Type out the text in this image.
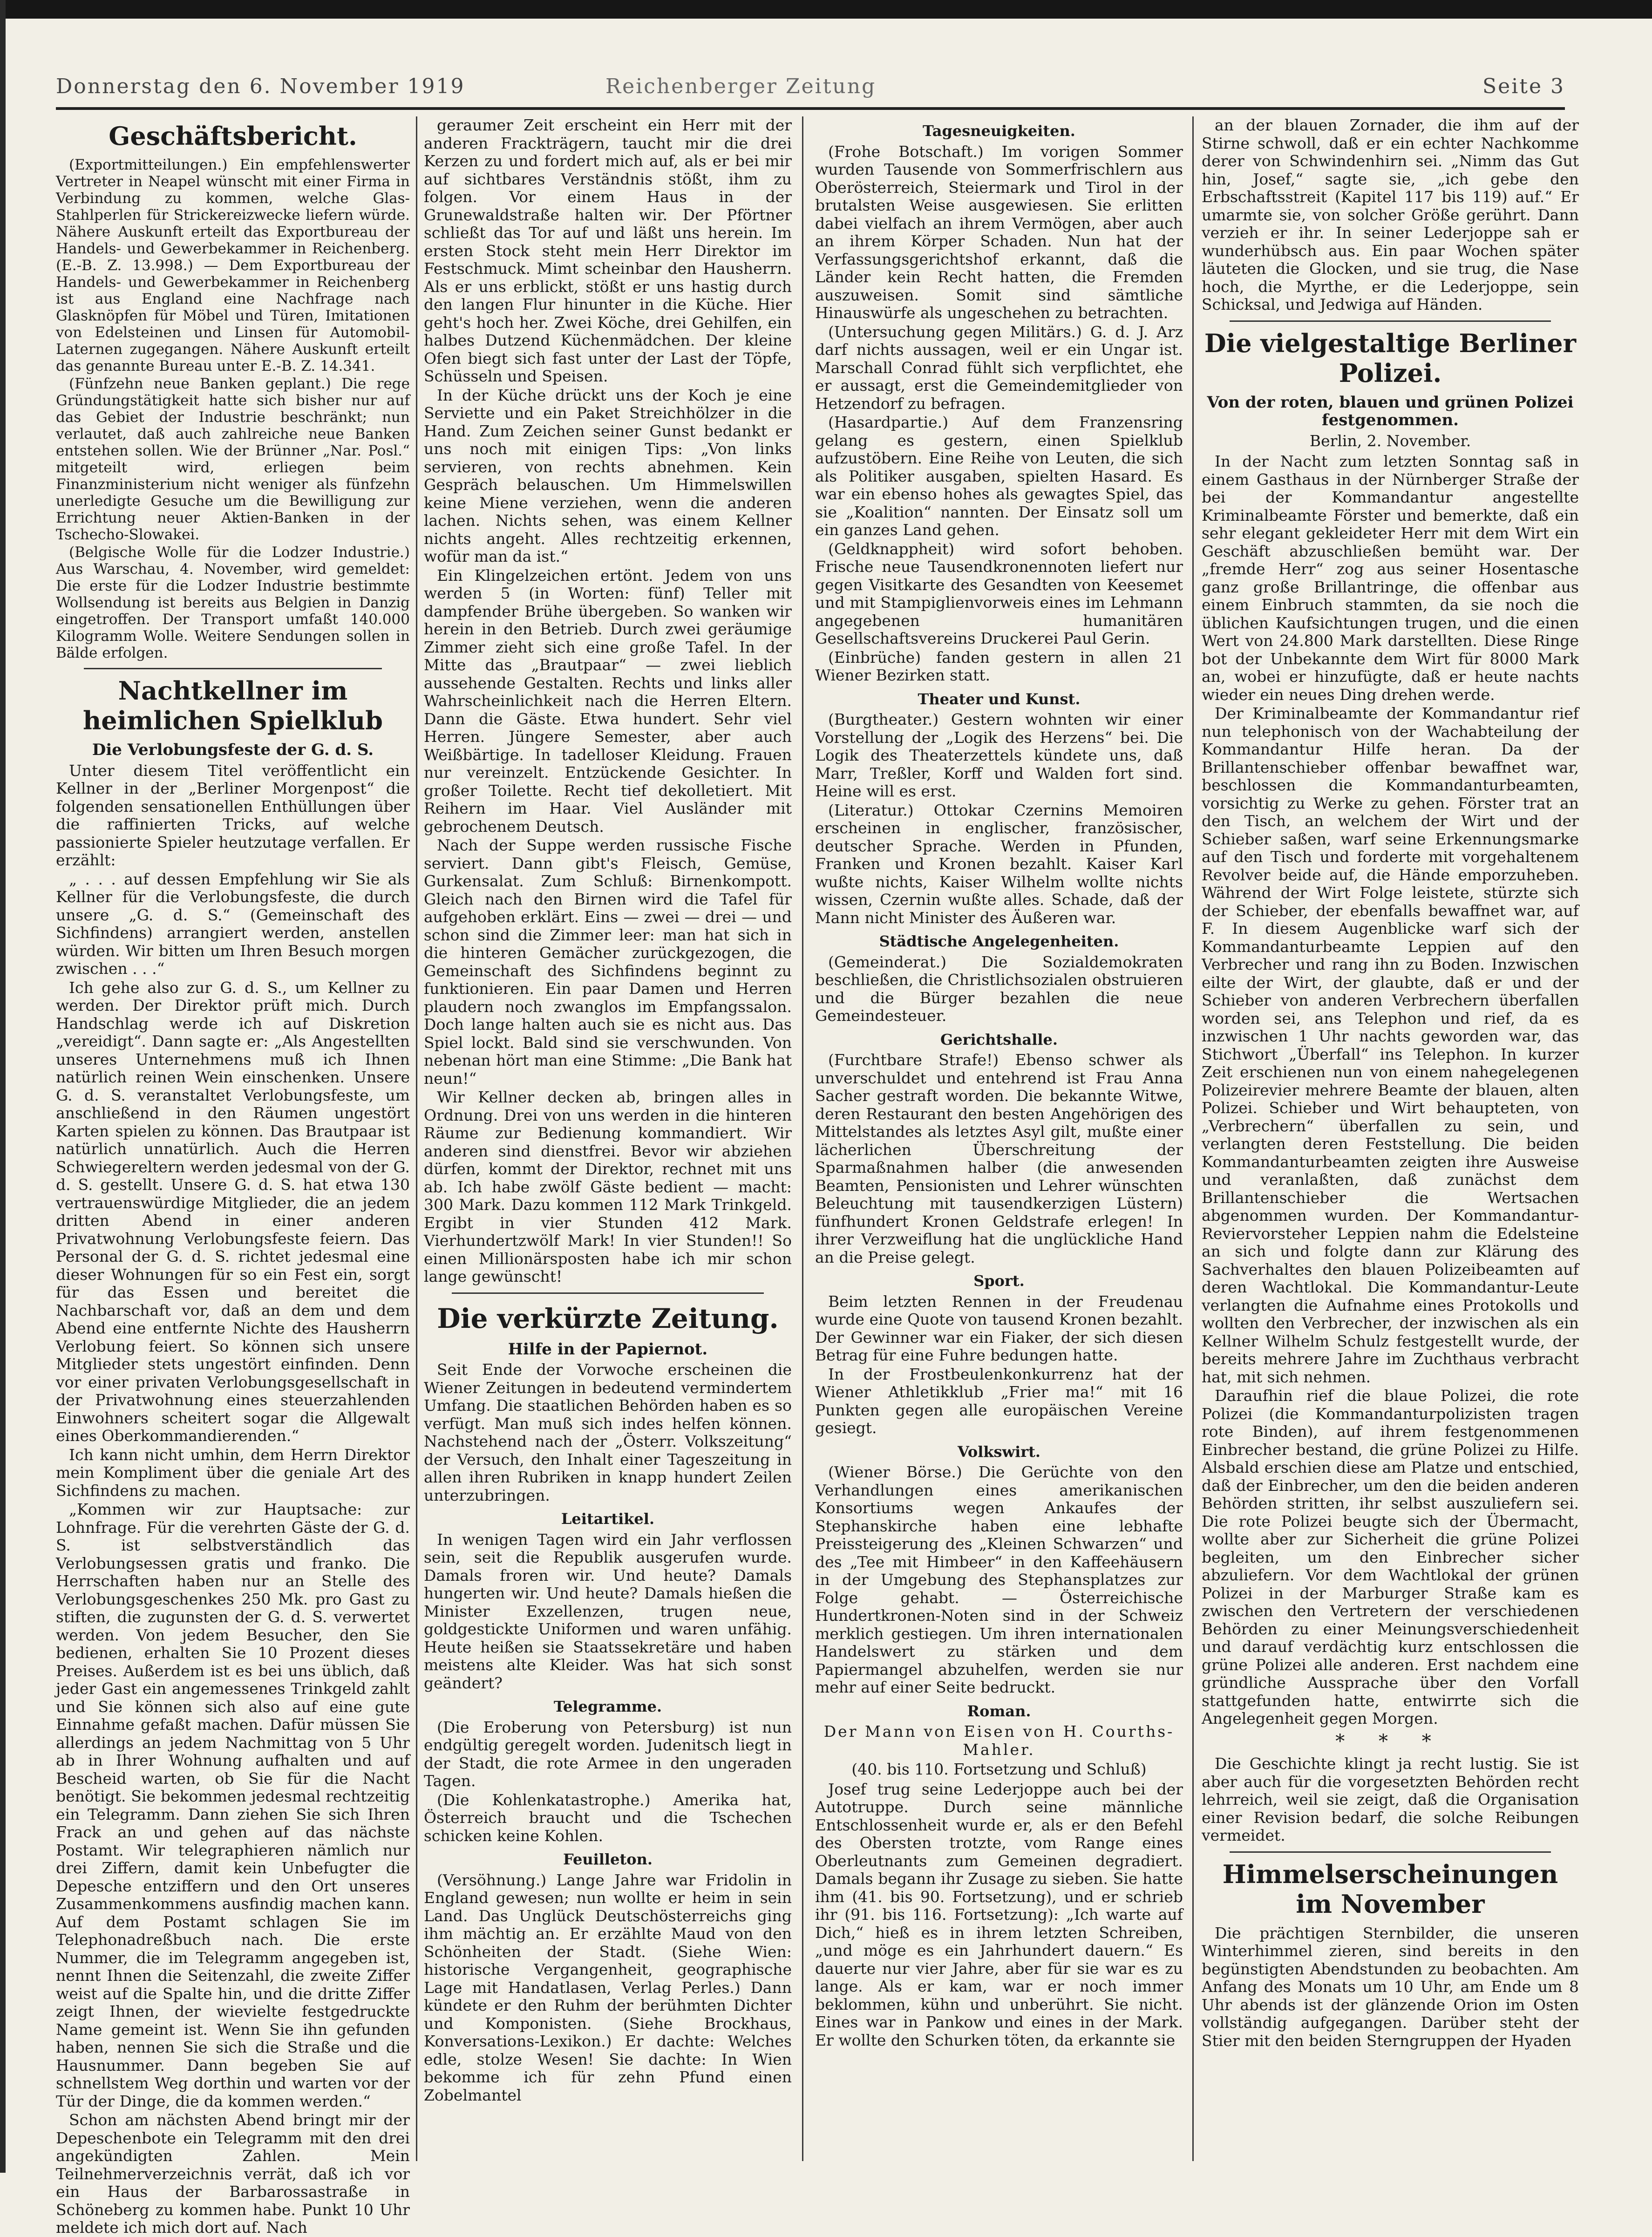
Donnerstag den 6. November 1919	Reichenberger Zeitung	Seite 3
Geschäftsbericht.

(Exportmitteilungen.) Ein empfehlenswerter Vertreter in Neapel wünscht mit einer Firma in Verbindung zu kommen, welche Glas-Stahlperlen für Strickereizwecke liefern würde. Nähere Auskunft erteilt das Exportbureau der Handels- und Gewerbekammer in Reichenberg. (E.-B. Z. 13.998.) — Dem Exportbureau der Handels- und Gewerbekammer in Reichenberg ist aus England eine Nachfrage nach Glasknöpfen für Möbel und Türen, Imitationen von Edelsteinen und Linsen für Automobil-Laternen zugegangen. Nähere Auskunft erteilt das genannte Bureau unter E.-B. Z. 14.341.

(Fünfzehn neue Banken geplant.) Die rege Gründungstätigkeit hatte sich bisher nur auf das Gebiet der Industrie beschränkt; nun verlautet, daß auch zahlreiche neue Banken entstehen sollen. Wie der Brünner „Nar. Posl.“ mitgeteilt wird, erliegen beim Finanzministerium nicht weniger als fünfzehn unerledigte Gesuche um die Bewilligung zur Errichtung neuer Aktien-Banken in der Tschecho-Slowakei.

(Belgische Wolle für die Lodzer Industrie.) Aus Warschau, 4. November, wird gemeldet: Die erste für die Lodzer Industrie bestimmte Wollsendung ist bereits aus Belgien in Danzig eingetroffen. Der Transport umfaßt 140.000 Kilogramm Wolle. Weitere Sendungen sollen in Bälde erfolgen.

Nachtkellner im heimlichen Spielklub
Die Verlobungsfeste der G. d. S.

Unter diesem Titel veröffentlicht ein Kellner in der „Berliner Morgenpost“ die folgenden sensationellen Enthüllungen über die raffinierten Tricks, auf welche passionierte Spieler heutzutage verfallen. Er erzählt:

„ . . . auf dessen Empfehlung wir Sie als Kellner für die Verlobungsfeste, die durch unsere „G. d. S.“ (Gemeinschaft des Sichfindens) arrangiert werden, anstellen würden. Wir bitten um Ihren Besuch morgen zwischen . . .“

Ich gehe also zur G. d. S., um Kellner zu werden. Der Direktor prüft mich. Durch Handschlag werde ich auf Diskretion „vereidigt“. Dann sagte er: „Als Angestellten unseres Unternehmens muß ich Ihnen natürlich reinen Wein einschenken. Unsere G. d. S. veranstaltet Verlobungsfeste, um anschließend in den Räumen ungestört Karten spielen zu können. Das Brautpaar ist natürlich unnatürlich. Auch die Herren Schwiegereltern werden jedesmal von der G. d. S. gestellt. Unsere G. d. S. hat etwa 130 vertrauenswürdige Mitglieder, die an jedem dritten Abend in einer anderen Privatwohnung Verlobungsfeste feiern. Das Personal der G. d. S. richtet jedesmal eine dieser Wohnungen für so ein Fest ein, sorgt für das Essen und bereitet die Nachbarschaft vor, daß an dem und dem Abend eine entfernte Nichte des Hausherrn Verlobung feiert. So können sich unsere Mitglieder stets ungestört einfinden. Denn vor einer privaten Verlobungsgesellschaft in der Privatwohnung eines steuerzahlenden Einwohners scheitert sogar die Allgewalt eines Oberkommandierenden.“

Ich kann nicht umhin, dem Herrn Direktor mein Kompliment über die geniale Art des Sichfindens zu machen.

„Kommen wir zur Hauptsache: zur Lohnfrage. Für die verehrten Gäste der G. d. S. ist selbstverständlich das Verlobungsessen gratis und franko. Die Herrschaften haben nur an Stelle des Verlobungsgeschenkes 250 Mk. pro Gast zu stiften, die zugunsten der G. d. S. verwertet werden. Von jedem Besucher, den Sie bedienen, erhalten Sie 10 Prozent dieses Preises. Außerdem ist es bei uns üblich, daß jeder Gast ein angemessenes Trinkgeld zahlt und Sie können sich also auf eine gute Einnahme gefaßt machen. Dafür müssen Sie allerdings an jedem Nachmittag von 5 Uhr ab in Ihrer Wohnung aufhalten und auf Bescheid warten, ob Sie für die Nacht benötigt. Sie bekommen jedesmal rechtzeitig ein Telegramm. Dann ziehen Sie sich Ihren Frack an und gehen auf das nächste Postamt. Wir telegraphieren nämlich nur drei Ziffern, damit kein Unbefugter die Depesche entziffern und den Ort unseres Zusammenkommens ausfindig machen kann. Auf dem Postamt schlagen Sie im Telephonadreßbuch nach. Die erste Nummer, die im Telegramm angegeben ist, nennt Ihnen die Seitenzahl, die zweite Ziffer weist auf die Spalte hin, und die dritte Ziffer zeigt Ihnen, der wievielte festgedruckte Name gemeint ist. Wenn Sie ihn gefunden haben, nennen Sie sich die Straße und die Hausnummer. Dann begeben Sie auf schnellstem Weg dorthin und warten vor der Tür der Dinge, die da kommen werden.“

Schon am nächsten Abend bringt mir der Depeschenbote ein Telegramm mit den drei angekündigten Zahlen. Mein Teilnehmerverzeichnis verrät, daß ich vor ein Haus der Barbarossastraße in Schöneberg zu kommen habe. Punkt 10 Uhr meldete ich mich dort auf. Nach

geraumer Zeit erscheint ein Herr mit der anderen Frackträgern, taucht mir die drei Kerzen zu und fordert mich auf, als er bei mir auf sichtbares Verständnis stößt, ihm zu folgen. Vor einem Haus in der Grunewaldstraße halten wir. Der Pförtner schließt das Tor auf und läßt uns herein. Im ersten Stock steht mein Herr Direktor im Festschmuck. Mimt scheinbar den Hausherrn. Als er uns erblickt, stößt er uns hastig durch den langen Flur hinunter in die Küche. Hier geht's hoch her. Zwei Köche, drei Gehilfen, ein halbes Dutzend Küchenmädchen. Der kleine Ofen biegt sich fast unter der Last der Töpfe, Schüsseln und Speisen.

In der Küche drückt uns der Koch je eine Serviette und ein Paket Streichhölzer in die Hand. Zum Zeichen seiner Gunst bedankt er uns noch mit einigen Tips: „Von links servieren, von rechts abnehmen. Kein Gespräch belauschen. Um Himmelswillen keine Miene verziehen, wenn die anderen lachen. Nichts sehen, was einem Kellner nichts angeht. Alles rechtzeitig erkennen, wofür man da ist.“

Ein Klingelzeichen ertönt. Jedem von uns werden 5 (in Worten: fünf) Teller mit dampfender Brühe übergeben. So wanken wir herein in den Betrieb. Durch zwei geräumige Zimmer zieht sich eine große Tafel. In der Mitte das „Brautpaar“ — zwei lieblich aussehende Gestalten. Rechts und links aller Wahrscheinlichkeit nach die Herren Eltern. Dann die Gäste. Etwa hundert. Sehr viel Herren. Jüngere Semester, aber auch Weißbärtige. In tadelloser Kleidung. Frauen nur vereinzelt. Entzückende Gesichter. In großer Toilette. Recht tief dekolletiert. Mit Reihern im Haar. Viel Ausländer mit gebrochenem Deutsch.

Nach der Suppe werden russische Fische serviert. Dann gibt's Fleisch, Gemüse, Gurkensalat. Zum Schluß: Birnenkompott. Gleich nach den Birnen wird die Tafel für aufgehoben erklärt. Eins — zwei — drei — und schon sind die Zimmer leer: man hat sich in die hinteren Gemächer zurückgezogen, die Gemeinschaft des Sichfindens beginnt zu funktionieren. Ein paar Damen und Herren plaudern noch zwanglos im Empfangssalon. Doch lange halten auch sie es nicht aus. Das Spiel lockt. Bald sind sie verschwunden. Von nebenan hört man eine Stimme: „Die Bank hat neun!“

Wir Kellner decken ab, bringen alles in Ordnung. Drei von uns werden in die hinteren Räume zur Bedienung kommandiert. Wir anderen sind dienstfrei. Bevor wir abziehen dürfen, kommt der Direktor, rechnet mit uns ab. Ich habe zwölf Gäste bedient — macht: 300 Mark. Dazu kommen 112 Mark Trinkgeld. Ergibt in vier Stunden 412 Mark. Vierhundertzwölf Mark! In vier Stunden!! So einen Millionärsposten habe ich mir schon lange gewünscht!

Die verkürzte Zeitung.
Hilfe in der Papiernot.

Seit Ende der Vorwoche erscheinen die Wiener Zeitungen in bedeutend vermindertem Umfang. Die staatlichen Behörden haben es so verfügt. Man muß sich indes helfen können. Nachstehend nach der „Österr. Volkszeitung“ der Versuch, den Inhalt einer Tageszeitung in allen ihren Rubriken in knapp hundert Zeilen unterzubringen.

Leitartikel.

In wenigen Tagen wird ein Jahr verflossen sein, seit die Republik ausgerufen wurde. Damals froren wir. Und heute? Damals hungerten wir. Und heute? Damals hießen die Minister Exzellenzen, trugen neue, goldgestickte Uniformen und waren unfähig. Heute heißen sie Staatssekretäre und haben meistens alte Kleider. Was hat sich sonst geändert?

Telegramme.

(Die Eroberung von Petersburg) ist nun endgültig geregelt worden. Judenitsch liegt in der Stadt, die rote Armee in den ungeraden Tagen.

(Die Kohlenkatastrophe.) Amerika hat, Österreich braucht und die Tschechen schicken keine Kohlen.

Feuilleton.

(Versöhnung.) Lange Jahre war Fridolin in England gewesen; nun wollte er heim in sein Land. Das Unglück Deutschösterreichs ging ihm mächtig an. Er erzählte Maud von den Schönheiten der Stadt. (Siehe Wien: historische Vergangenheit, geographische Lage mit Handatlasen, Verlag Perles.) Dann kündete er den Ruhm der berühmten Dichter und Komponisten. (Siehe Brockhaus, Konversations-Lexikon.) Er dachte: Welches edle, stolze Wesen! Sie dachte: In Wien bekomme ich für zehn Pfund einen Zobelmantel

Tagesneuigkeiten.

(Frohe Botschaft.) Im vorigen Sommer wurden Tausende von Sommerfrischlern aus Oberösterreich, Steiermark und Tirol in der brutalsten Weise ausgewiesen. Sie erlitten dabei vielfach an ihrem Vermögen, aber auch an ihrem Körper Schaden. Nun hat der Verfassungsgerichtshof erkannt, daß die Länder kein Recht hatten, die Fremden auszuweisen. Somit sind sämtliche Hinauswürfe als ungeschehen zu betrachten.

(Untersuchung gegen Militärs.) G. d. J. Arz darf nichts aussagen, weil er ein Ungar ist. Marschall Conrad fühlt sich verpflichtet, ehe er aussagt, erst die Gemeindemitglieder von Hetzendorf zu befragen.

(Hasardpartie.) Auf dem Franzensring gelang es gestern, einen Spielklub aufzustöbern. Eine Reihe von Leuten, die sich als Politiker ausgaben, spielten Hasard. Es war ein ebenso hohes als gewagtes Spiel, das sie „Koalition“ nannten. Der Einsatz soll um ein ganzes Land gehen.

(Geldknappheit) wird sofort behoben. Frische neue Tausendkronennoten liefert nur gegen Visitkarte des Gesandten von Keesemet und mit Stampiglienvorweis eines im Lehmann angegebenen humanitären Gesellschaftsvereins Druckerei Paul Gerin.

(Einbrüche) fanden gestern in allen 21 Wiener Bezirken statt.

Theater und Kunst.

(Burgtheater.) Gestern wohnten wir einer Vorstellung der „Logik des Herzens“ bei. Die Logik des Theaterzettels kündete uns, daß Marr, Treßler, Korff und Walden fort sind. Heine will es erst.

(Literatur.) Ottokar Czernins Memoiren erscheinen in englischer, französischer, deutscher Sprache. Werden in Pfunden, Franken und Kronen bezahlt. Kaiser Karl wußte nichts, Kaiser Wilhelm wollte nichts wissen, Czernin wußte alles. Schade, daß der Mann nicht Minister des Äußeren war.

Städtische Angelegenheiten.

(Gemeinderat.) Die Sozialdemokraten beschließen, die Christlichsozialen obstruieren und die Bürger bezahlen die neue Gemeindesteuer.

Gerichtshalle.

(Furchtbare Strafe!) Ebenso schwer als unverschuldet und entehrend ist Frau Anna Sacher gestraft worden. Die bekannte Witwe, deren Restaurant den besten Angehörigen des Mittelstandes als letztes Asyl gilt, mußte einer lächerlichen Überschreitung der Sparmaßnahmen halber (die anwesenden Beamten, Pensionisten und Lehrer wünschten Beleuchtung mit tausendkerzigen Lüstern) fünfhundert Kronen Geldstrafe erlegen! In ihrer Verzweiflung hat die unglückliche Hand an die Preise gelegt.

Sport.

Beim letzten Rennen in der Freudenau wurde eine Quote von tausend Kronen bezahlt. Der Gewinner war ein Fiaker, der sich diesen Betrag für eine Fuhre bedungen hatte.

In der Frostbeulenkonkurrenz hat der Wiener Athletikklub „Frier ma!“ mit 16 Punkten gegen alle europäischen Vereine gesiegt.

Volkswirt.

(Wiener Börse.) Die Gerüchte von den Verhandlungen eines amerikanischen Konsortiums wegen Ankaufes der Stephanskirche haben eine lebhafte Preissteigerung des „Kleinen Schwarzen“ und des „Tee mit Himbeer“ in den Kaffeehäusern in der Umgebung des Stephansplatzes zur Folge gehabt. — Österreichische Hundertkronen-Noten sind in der Schweiz merklich gestiegen. Um ihren internationalen Handelswert zu stärken und dem Papiermangel abzuhelfen, werden sie nur mehr auf einer Seite bedruckt.

Roman.
Der Mann von Eisen von H. Courths-Mahler.
(40. bis 110. Fortsetzung und Schluß)

Josef trug seine Lederjoppe auch bei der Autotruppe. Durch seine männliche Entschlossenheit wurde er, als er den Befehl des Obersten trotzte, vom Range eines Oberleutnants zum Gemeinen degradiert. Damals begann ihr Zusage zu sieben. Sie hatte ihm (41. bis 90. Fortsetzung), und er schrieb ihr (91. bis 116. Fortsetzung): „Ich warte auf Dich,“ hieß es in ihrem letzten Schreiben, „und möge es ein Jahrhundert dauern.“ Es dauerte nur vier Jahre, aber für sie war es zu lange. Als er kam, war er noch immer beklommen, kühn und unberührt. Sie nicht. Eines war in Pankow und eines in der Mark. Er wollte den Schurken töten, da erkannte sie

an der blauen Zornader, die ihm auf der Stirne schwoll, daß er ein echter Nachkomme derer von Schwindenhirn sei. „Nimm das Gut hin, Josef,“ sagte sie, „ich gebe den Erbschaftsstreit (Kapitel 117 bis 119) auf.“ Er umarmte sie, von solcher Größe gerührt. Dann verzieh er ihr. In seiner Lederjoppe sah er wunderhübsch aus. Ein paar Wochen später läuteten die Glocken, und sie trug, die Nase hoch, die Myrthe, er die Lederjoppe, sein Schicksal, und Jedwiga auf Händen.

Die vielgestaltige Berliner Polizei.
Von der roten, blauen und grünen Polizei festgenommen.
Berlin, 2. November.

In der Nacht zum letzten Sonntag saß in einem Gasthaus in der Nürnberger Straße der bei der Kommandantur angestellte Kriminalbeamte Förster und bemerkte, daß ein sehr elegant gekleideter Herr mit dem Wirt ein Geschäft abzuschließen bemüht war. Der „fremde Herr“ zog aus seiner Hosentasche ganz große Brillantringe, die offenbar aus einem Einbruch stammten, da sie noch die üblichen Kaufsichtungen trugen, und die einen Wert von 24.800 Mark darstellten. Diese Ringe bot der Unbekannte dem Wirt für 8000 Mark an, wobei er hinzufügte, daß er heute nachts wieder ein neues Ding drehen werde.

Der Kriminalbeamte der Kommandantur rief nun telephonisch von der Wachabteilung der Kommandantur Hilfe heran. Da der Brillantenschieber offenbar bewaffnet war, beschlossen die Kommandanturbeamten, vorsichtig zu Werke zu gehen. Förster trat an den Tisch, an welchem der Wirt und der Schieber saßen, warf seine Erkennungsmarke auf den Tisch und forderte mit vorgehaltenem Revolver beide auf, die Hände emporzuheben. Während der Wirt Folge leistete, stürzte sich der Schieber, der ebenfalls bewaffnet war, auf F. In diesem Augenblicke warf sich der Kommandanturbeamte Leppien auf den Verbrecher und rang ihn zu Boden. Inzwischen eilte der Wirt, der glaubte, daß er und der Schieber von anderen Verbrechern überfallen worden sei, ans Telephon und rief, da es inzwischen 1 Uhr nachts geworden war, das Stichwort „Überfall“ ins Telephon. In kurzer Zeit erschienen nun von einem nahegelegenen Polizeirevier mehrere Beamte der blauen, alten Polizei. Schieber und Wirt behaupteten, von „Verbrechern“ überfallen zu sein, und verlangten deren Feststellung. Die beiden Kommandanturbeamten zeigten ihre Ausweise und veranlaßten, daß zunächst dem Brillantenschieber die Wertsachen abgenommen wurden. Der Kommandantur-Reviervorsteher Leppien nahm die Edelsteine an sich und folgte dann zur Klärung des Sachverhaltes den blauen Polizeibeamten auf deren Wachtlokal. Die Kommandantur-Leute verlangten die Aufnahme eines Protokolls und wollten den Verbrecher, der inzwischen als ein Kellner Wilhelm Schulz festgestellt wurde, der bereits mehrere Jahre im Zuchthaus verbracht hat, mit sich nehmen.

Daraufhin rief die blaue Polizei, die rote Polizei (die Kommandanturpolizisten tragen rote Binden), auf ihrem festgenommenen Einbrecher bestand, die grüne Polizei zu Hilfe. Alsbald erschien diese am Platze und entschied, daß der Einbrecher, um den die beiden anderen Behörden stritten, ihr selbst auszuliefern sei. Die rote Polizei beugte sich der Übermacht, wollte aber zur Sicherheit die grüne Polizei begleiten, um den Einbrecher sicher abzuliefern. Vor dem Wachtlokal der grünen Polizei in der Marburger Straße kam es zwischen den Vertretern der verschiedenen Behörden zu einer Meinungsverschiedenheit und darauf verdächtig kurz entschlossen die grüne Polizei alle anderen. Erst nachdem eine gründliche Aussprache über den Vorfall stattgefunden hatte, entwirrte sich die Angelegenheit gegen Morgen.

* * *

Die Geschichte klingt ja recht lustig. Sie ist aber auch für die vorgesetzten Behörden recht lehrreich, weil sie zeigt, daß die Organisation einer Revision bedarf, die solche Reibungen vermeidet.

Himmelserscheinungen im November

Die prächtigen Sternbilder, die unseren Winterhimmel zieren, sind bereits in den begünstigten Abendstunden zu beobachten. Am Anfang des Monats um 10 Uhr, am Ende um 8 Uhr abends ist der glänzende Orion im Osten vollständig aufgegangen. Darüber steht der Stier mit den beiden Sterngruppen der Hyaden
